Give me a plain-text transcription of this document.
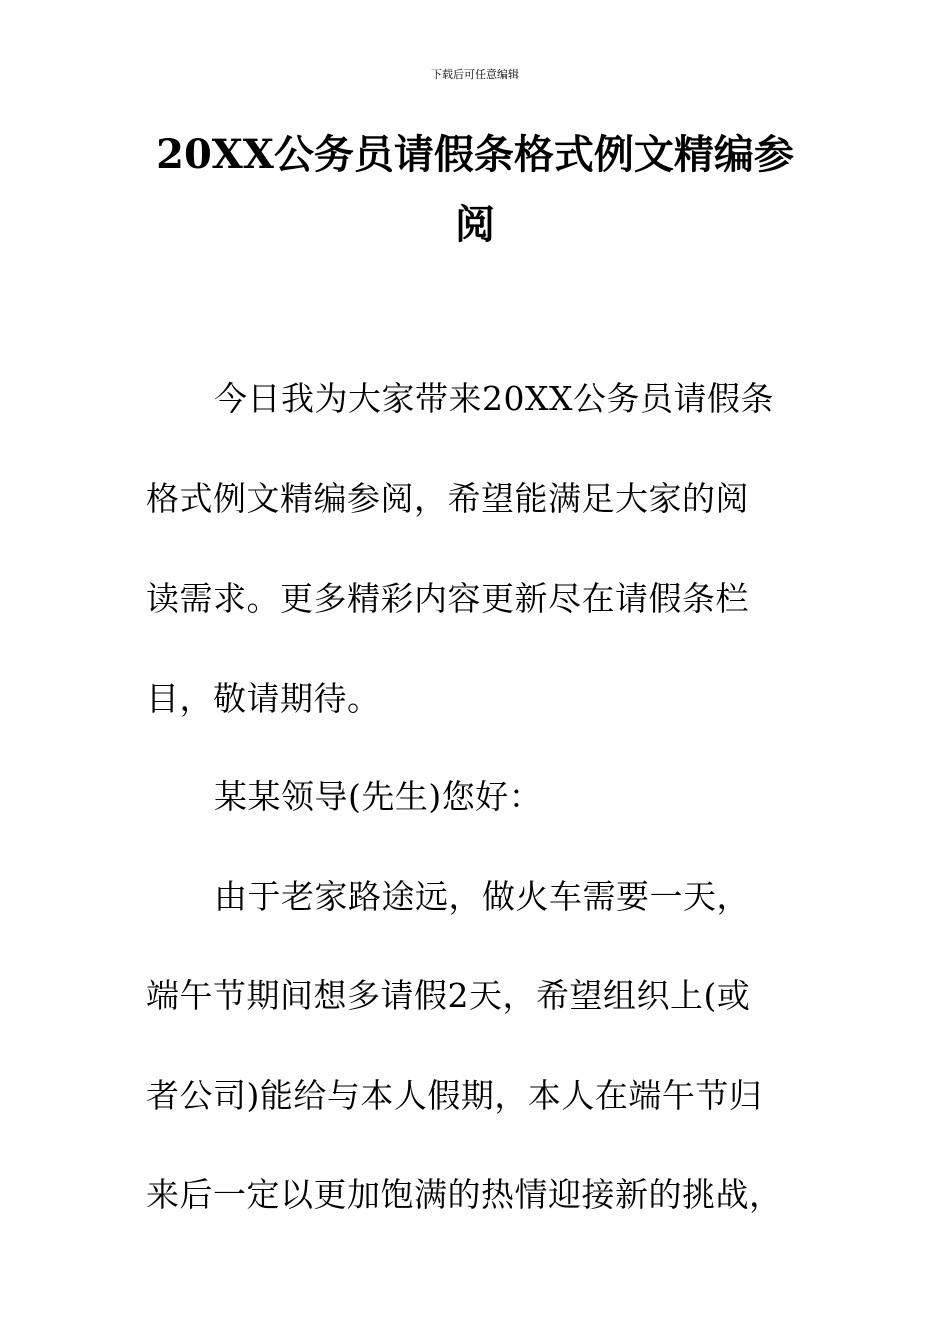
下载后可任意编辑
20XX公务员请假条格式例文精编参
阅
今日我为大家带来20XX公务员请假条
格式例文精编参阅，希望能满足大家的阅
读需求。更多精彩内容更新尽在请假条栏
目，敬请期待。
某某领导(先生)您好：
由于老家路途远，做火车需要一天，
端午节期间想多请假2天，希望组织上(或
者公司)能给与本人假期，本人在端午节归
来后一定以更加饱满的热情迎接新的挑战，
